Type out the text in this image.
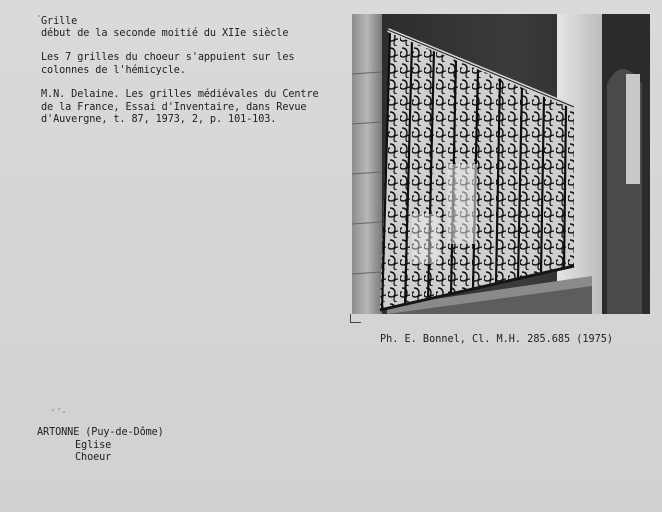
Grille
début de la seconde moitié du XIIe siècle
Les 7 grilles du choeur s'appuient sur les
colonnes de l'hémicycle.
M.N. Delaine. Les grilles médiévales du Centre
de la France, Essai d'Inventaire, dans Revue
d'Auvergne, t. 87, 1973, 2, p. 101-103.
Ph. E. Bonnel, Cl. M.H. 285.685 (1975)
ARTONNE (Puy-de-Dôme)
Eglise
Choeur
